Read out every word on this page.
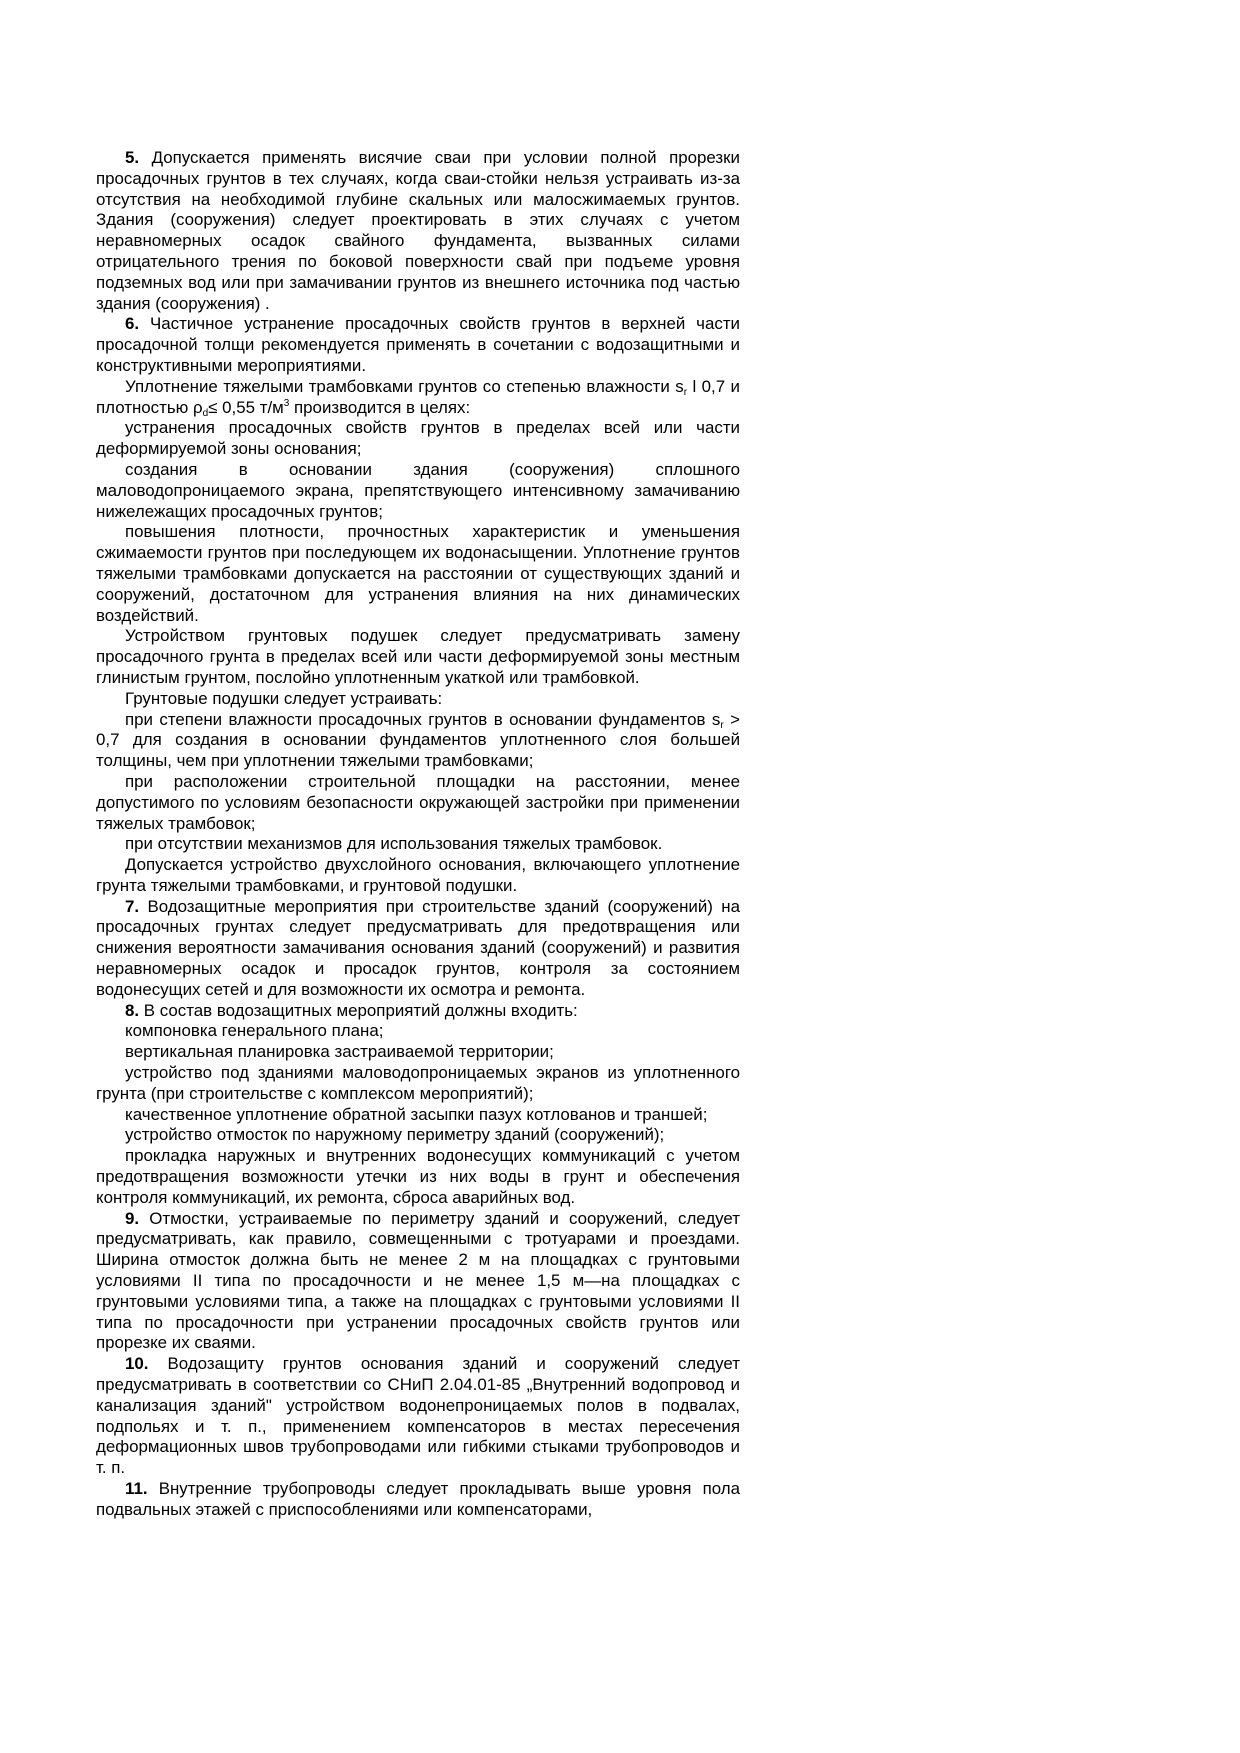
5. Допускается применять висячие сваи при условии полной прорезки просадочных грунтов в тех случаях, когда сваи-стойки нельзя устраивать из-за отсутствия на необходимой глубине скальных или малосжимаемых грунтов. Здания (сооружения) следует проектировать в этих случаях с учетом неравномерных осадок свайного фундамента, вызванных силами отрицательного трения по боковой поверхности свай при подъеме уровня подземных вод или при замачивании грунтов из внешнего источника под частью здания (сооружения) .

6. Частичное устранение просадочных свойств грунтов в верхней части просадочной толщи рекомендуется применять в сочетании с водозащитными и конструктивными мероприятиями.

Уплотнение тяжелыми трамбовками грунтов со степенью влажности $s_r$ l 0,7 и плотностью $\rho_d\le 0,55$ $т/м^3$ производится в целях:

устранения просадочных свойств грунтов в пределах всей или части деформируемой зоны основания;

создания в основании здания (сооружения) сплошного маловодопроницаемого экрана, препятствующего интенсивному замачиванию нижележащих просадочных грунтов;

повышения плотности, прочностных характеристик и уменьшения сжимаемости грунтов при последующем их водонасыщении. Уплотнение грунтов тяжелыми трамбовками допускается на расстоянии от существующих зданий и сооружений, достаточном для устранения влияния на них динамических воздействий.

Устройством грунтовых подушек следует предусматривать замену просадочного грунта в пределах всей или части деформируемой зоны местным глинистым грунтом, послойно уплотненным укаткой или трамбовкой.

Грунтовые подушки следует устраивать:

при степени влажности просадочных грунтов в основании фундаментов $s_r > 0,7$ для создания в основании фундаментов уплотненного слоя большей толщины, чем при уплотнении тяжелыми трамбовками;

при расположении строительной площадки на расстоянии, менее допустимого по условиям безопасности окружающей застройки при применении тяжелых трамбовок;

при отсутствии механизмов для использования тяжелых трамбовок.

Допускается устройство двухслойного основания, включающего уплотнение грунта тяжелыми трамбовками, и грунтовой подушки.

7. Водозащитные мероприятия при строительстве зданий (сооружений) на просадочных грунтах следует предусматривать для предотвращения или снижения вероятности замачивания основания зданий (сооружений) и развития неравномерных осадок и просадок грунтов, контроля за состоянием водонесущих сетей и для возможности их осмотра и ремонта.

8. В состав водозащитных мероприятий должны входить:

компоновка генерального плана;

вертикальная планировка застраиваемой территории;

устройство под зданиями маловодопроницаемых экранов из уплотненного грунта (при строительстве с комплексом мероприятий);

качественное уплотнение обратной засыпки пазух котлованов и траншей;

устройство отмосток по наружному периметру зданий (сооружений);

прокладка наружных и внутренних водонесущих коммуникаций с учетом предотвращения возможности утечки из них воды в грунт и обеспечения контроля коммуникаций, их ремонта, сброса аварийных вод.

9. Отмостки, устраиваемые по периметру зданий и сооружений, следует предусматривать, как правило, совмещенными с тротуарами и проездами. Ширина отмосток должна быть не менее 2 м на площадках с грунтовыми условиями II типа по просадочности и не менее 1,5 м—на площадках с грунтовыми условиями типа, а также на площадках с грунтовыми условиями II типа по просадочности при устранении просадочных свойств грунтов или прорезке их сваями.

10. Водозащиту грунтов основания зданий и сооружений следует предусматривать в соответствии со СНиП 2.04.01-85 „Внутренний водопровод и канализация зданий" устройством водонепроницаемых полов в подвалах, подпольях и т. п., применением компенсаторов в местах пересечения деформационных швов трубопроводами или гибкими стыками трубопроводов и т. п.

11. Внутренние трубопроводы следует прокладывать выше уровня пола подвальных этажей с приспособлениями или компенсаторами,
